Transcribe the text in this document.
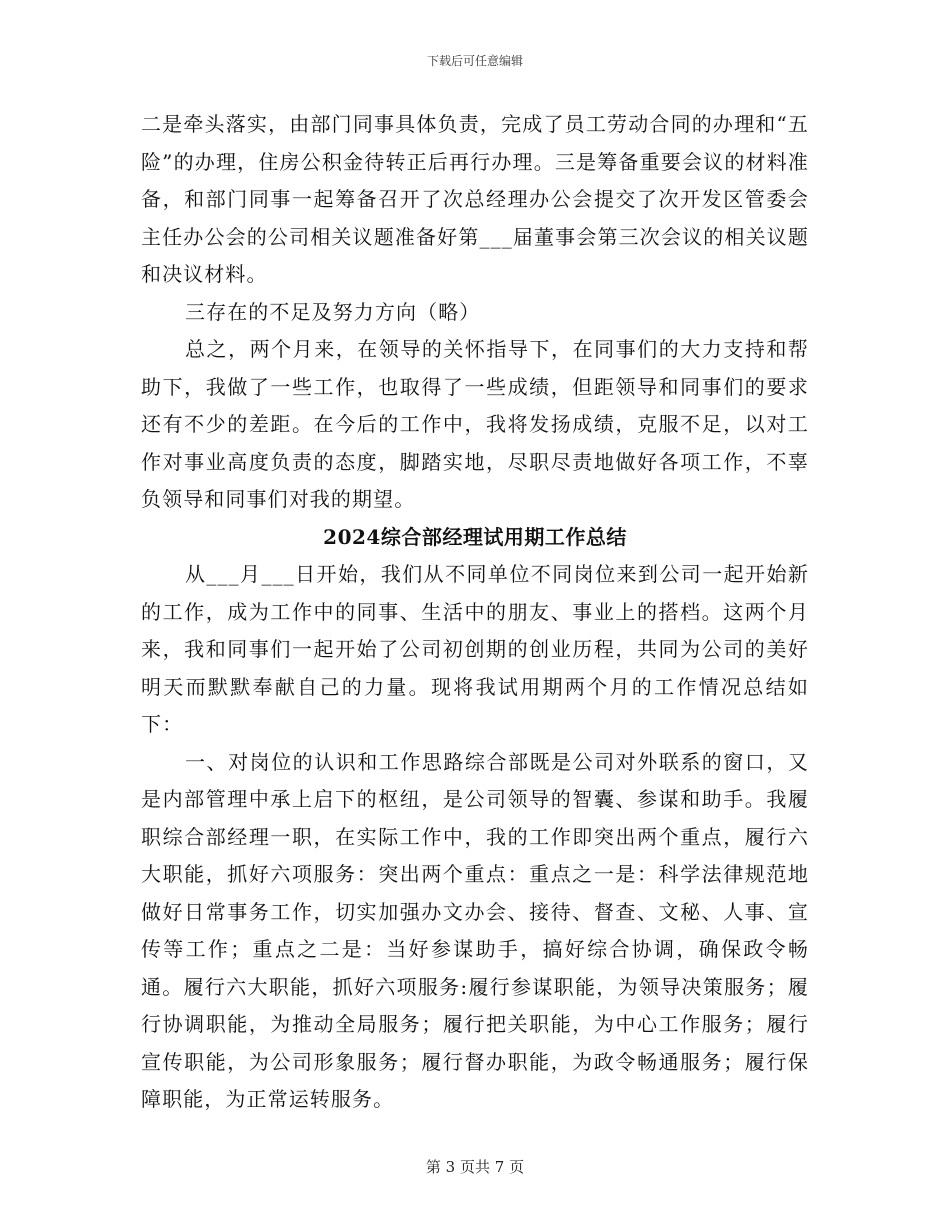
下载后可任意编辑

二是牵头落实，由部门同事具体负责，完成了员工劳动合同的办理和“五险”的办理，住房公积金待转正后再行办理。三是筹备重要会议的材料准备，和部门同事一起筹备召开了次总经理办公会提交了次开发区管委会主任办公会的公司相关议题准备好第___届董事会第三次会议的相关议题和决议材料。

三存在的不足及努力方向（略）

总之，两个月来，在领导的关怀指导下，在同事们的大力支持和帮助下，我做了一些工作，也取得了一些成绩，但距领导和同事们的要求还有不少的差距。在今后的工作中，我将发扬成绩，克服不足，以对工作对事业高度负责的态度，脚踏实地，尽职尽责地做好各项工作，不辜负领导和同事们对我的期望。

2024综合部经理试用期工作总结

从___月___日开始，我们从不同单位不同岗位来到公司一起开始新的工作，成为工作中的同事、生活中的朋友、事业上的搭档。这两个月来，我和同事们一起开始了公司初创期的创业历程，共同为公司的美好明天而默默奉献自己的力量。现将我试用期两个月的工作情况总结如下：

一、对岗位的认识和工作思路综合部既是公司对外联系的窗口，又是内部管理中承上启下的枢纽，是公司领导的智囊、参谋和助手。我履职综合部经理一职，在实际工作中，我的工作即突出两个重点，履行六大职能，抓好六项服务：突出两个重点：重点之一是：科学法律规范地做好日常事务工作，切实加强办文办会、接待、督查、文秘、人事、宣传等工作；重点之二是：当好参谋助手，搞好综合协调，确保政令畅通。履行六大职能，抓好六项服务:履行参谋职能，为领导决策服务；履行协调职能，为推动全局服务；履行把关职能，为中心工作服务；履行宣传职能，为公司形象服务；履行督办职能，为政令畅通服务；履行保障职能，为正常运转服务。

第 3 页共 7 页
